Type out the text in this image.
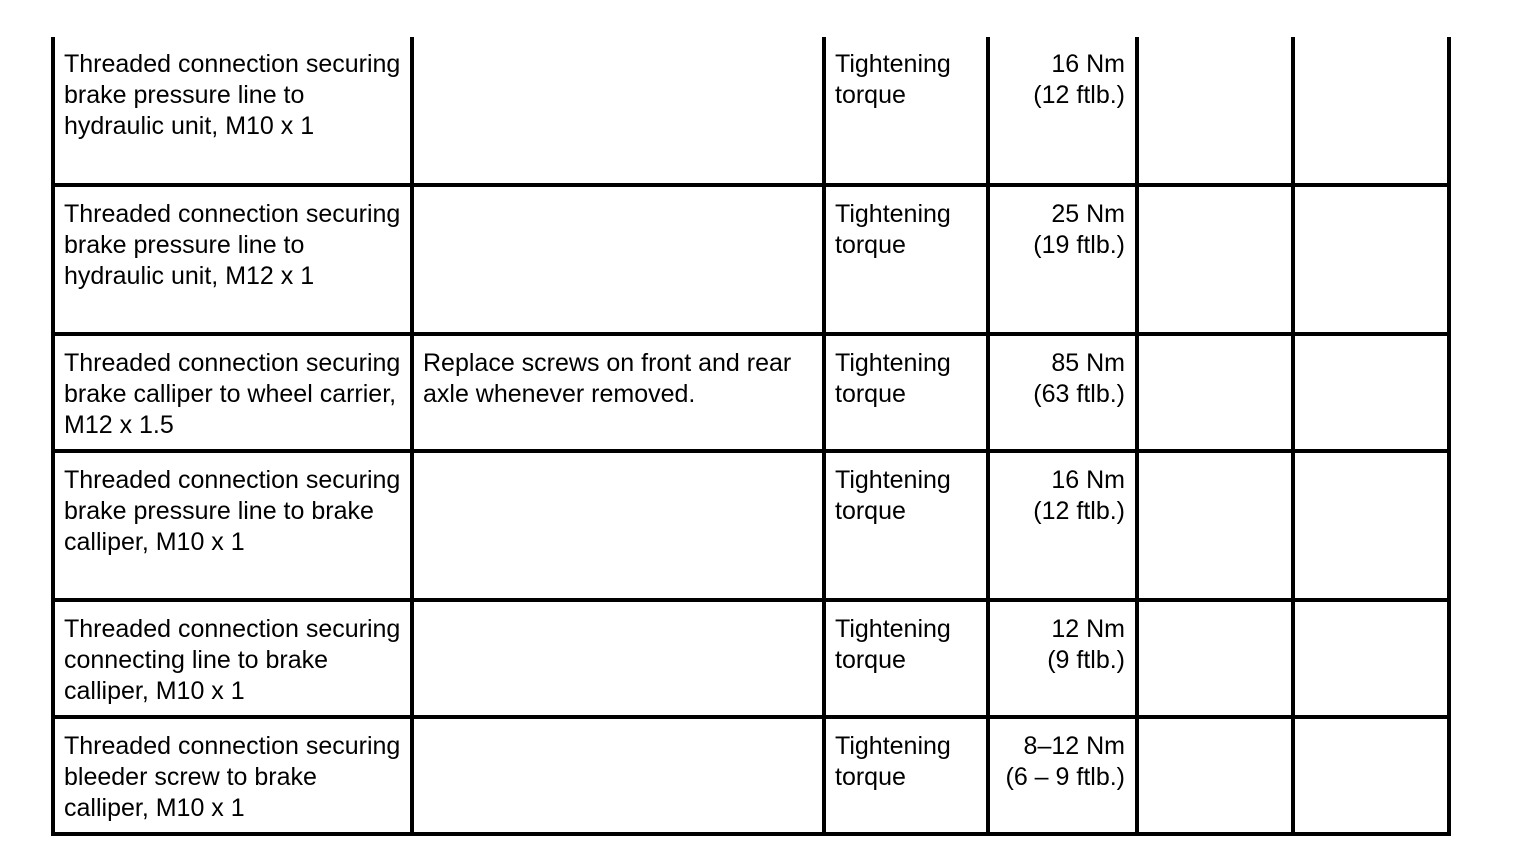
Threaded connection securing brake pressure line to hydraulic unit, M10 x 1		Tightening torque	16 Nm
(12 ftlb.)		

Threaded connection securing brake pressure line to hydraulic unit, M12 x 1		Tightening torque	25 Nm
(19 ftlb.)		

Threaded connection securing brake calliper to wheel carrier, M12 x 1.5	Replace screws on front and rear axle whenever removed.	Tightening torque	85 Nm
(63 ftlb.)		

Threaded connection securing brake pressure line to brake calliper, M10 x 1		Tightening torque	16 Nm
(12 ftlb.)		

Threaded connection securing connecting line to brake calliper, M10 x 1		Tightening torque	12 Nm
(9 ftlb.)		

Threaded connection securing bleeder screw to brake calliper, M10 x 1		Tightening torque	8–12 Nm
(6 – 9 ftlb.)		
